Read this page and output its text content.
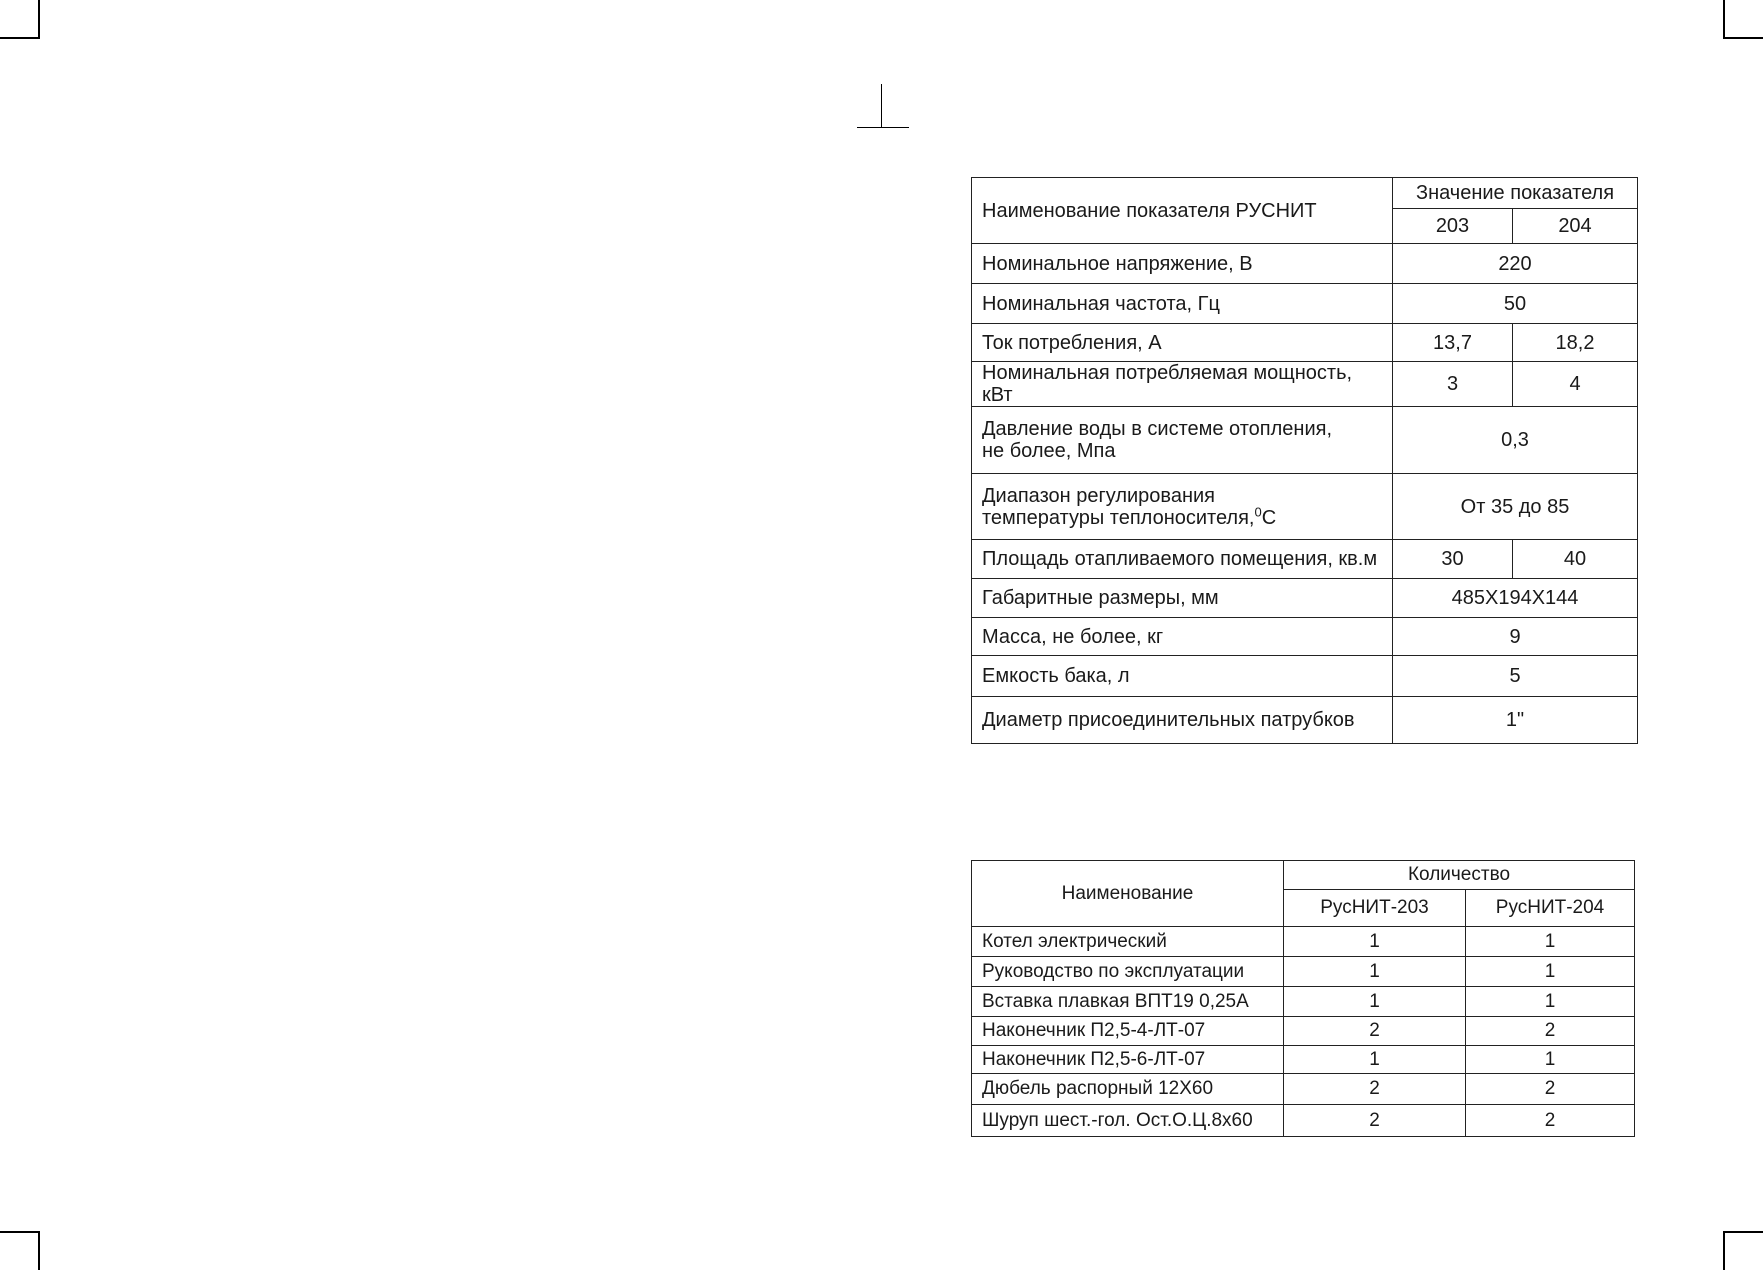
Наименование показателя РУСНИТ	Значение показателя	
	203	204
Номинальное напряжение, В	220	
Номинальная частота, Гц	50	
Ток потребления, А	13,7	18,2
Номинальная потребляемая мощность, кВт	3	4

Давление воды в системе отопления,
не более, Мпа	0,3	

Диапазон регулирования
температуры теплоносителя,$^0$С	От 35 до 85	
Площадь отапливаемого помещения, кв.м	30	40
Габаритные размеры, мм	485Х194Х144	
Масса, не более, кг	9	
Емкость бака, л	5	
Диаметр присоединительных патрубков	1"	
Наименование	Количество	
	РусНИТ-203	РусНИТ-204
Котел электрический	1	1
Руководство по эксплуатации	1	1
Вставка плавкая ВПТ19 0,25А	1	1
Наконечник П2,5-4-ЛТ-07	2	2
Наконечник П2,5-6-ЛТ-07	1	1
Дюбель распорный 12Х60	2	2
Шуруп шест.-гол. Ост.О.Ц.8х60	2	2
